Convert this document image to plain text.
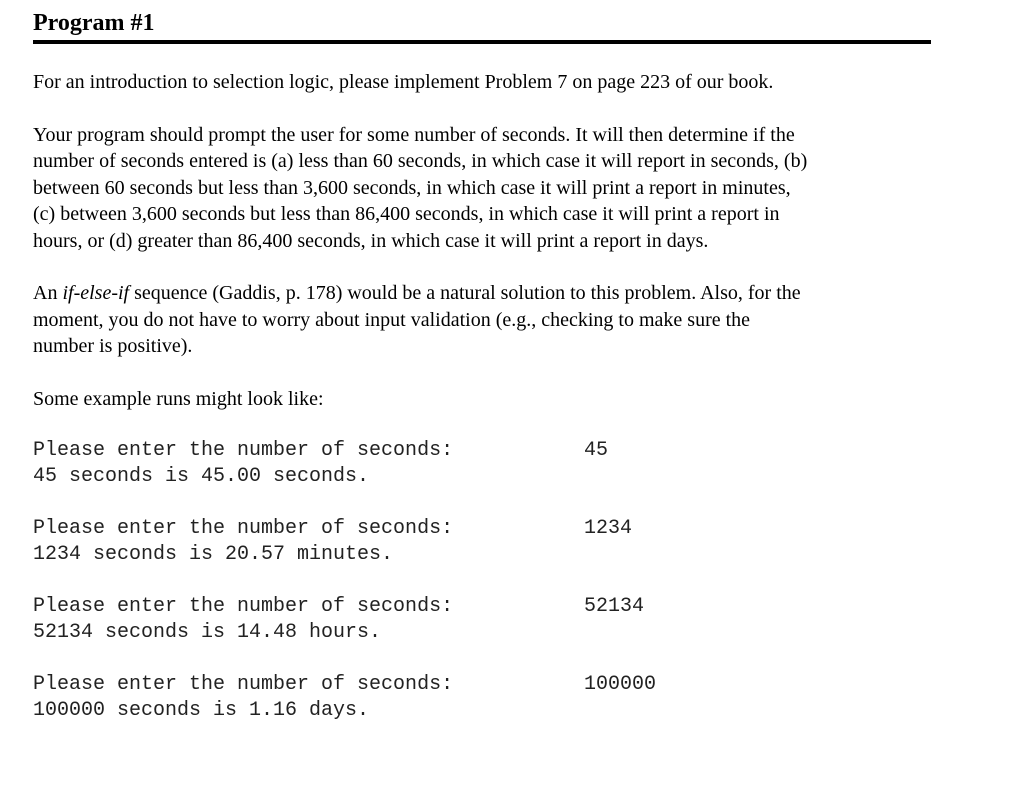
Program #1

For an introduction to selection logic, please implement Problem 7 on page 223 of our book.

Your program should prompt the user for some number of seconds. It will then determine if the
number of seconds entered is (a) less than 60 seconds, in which case it will report in seconds, (b)
between 60 seconds but less than 3,600 seconds, in which case it will print a report in minutes,
(c) between 3,600 seconds but less than 86,400 seconds, in which case it will print a report in
hours, or (d) greater than 86,400 seconds, in which case it will print a report in days.

An if-else-if sequence (Gaddis, p. 178) would be a natural solution to this problem. Also, for the
moment, you do not have to worry about input validation (e.g., checking to make sure the
number is positive).

Some example runs might look like:

Please enter the number of seconds:	45
45 seconds is 45.00 seconds.
Please enter the number of seconds:	1234
1234 seconds is 20.57 minutes.
Please enter the number of seconds:	52134
52134 seconds is 14.48 hours.
Please enter the number of seconds:	100000
100000 seconds is 1.16 days.
